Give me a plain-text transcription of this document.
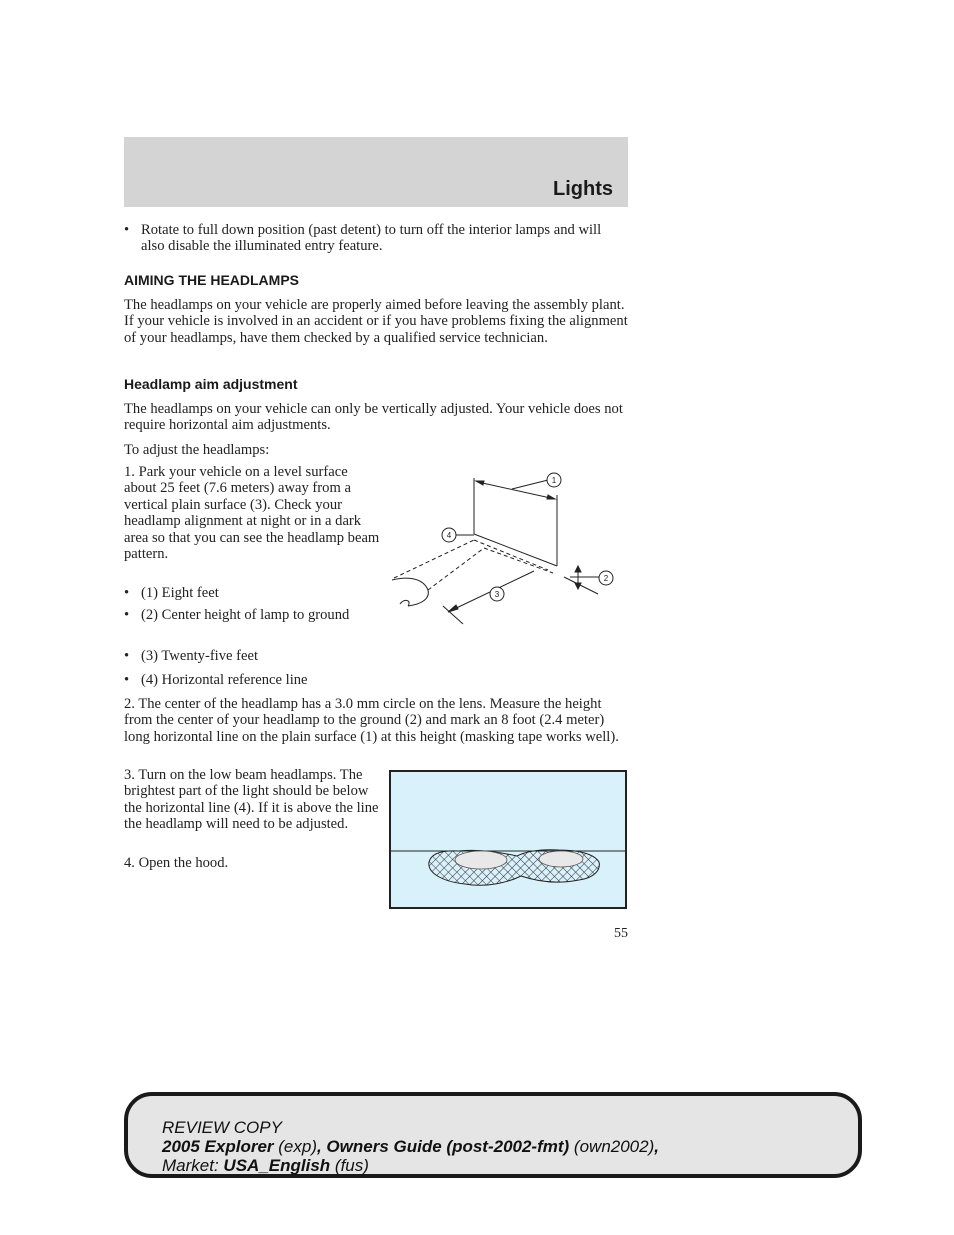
Lights
• Rotate to full down position (past detent) to turn off the interior lamps and will also disable the illuminated entry feature.
AIMING THE HEADLAMPS
The headlamps on your vehicle are properly aimed before leaving the assembly plant. If your vehicle is involved in an accident or if you have problems fixing the alignment of your headlamps, have them checked by a qualified service technician.
Headlamp aim adjustment
The headlamps on your vehicle can only be vertically adjusted. Your vehicle does not require horizontal aim adjustments.
To adjust the headlamps:
1. Park your vehicle on a level surface about 25 feet (7.6 meters) away from a vertical plain surface (3). Check your headlamp alignment at night or in a dark area so that you can see the headlamp beam pattern.
• (1) Eight feet
• (2) Center height of lamp to ground
• (3) Twenty-five feet
• (4) Horizontal reference line
1
2
3
4
2. The center of the headlamp has a 3.0 mm circle on the lens. Measure the height from the center of your headlamp to the ground (2) and mark an 8 foot (2.4 meter) long horizontal line on the plain surface (1) at this height (masking tape works well).
3. Turn on the low beam headlamps. The brightest part of the light should be below the horizontal line (4). If it is above the line the headlamp will need to be adjusted.
4. Open the hood.
55
REVIEW COPY
2005 Explorer (exp), Owners Guide (post-2002-fmt) (own2002),
Market: USA_English (fus)
